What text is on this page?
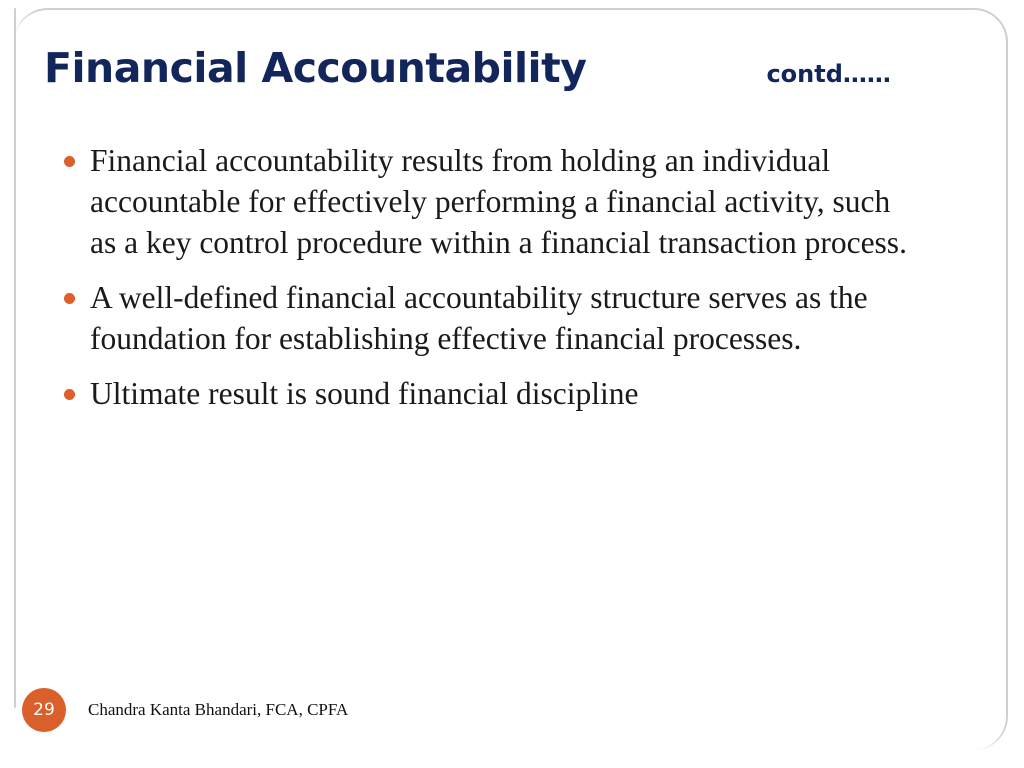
Financial Accountability	contd……
Financial accountability results from holding an individual accountable for effectively performing a financial activity, such as a key control procedure within a financial transaction process.
A well-defined financial accountability structure serves as the foundation for establishing effective financial processes.
Ultimate result is sound financial discipline
29	Chandra Kanta Bhandari, FCA, CPFA
